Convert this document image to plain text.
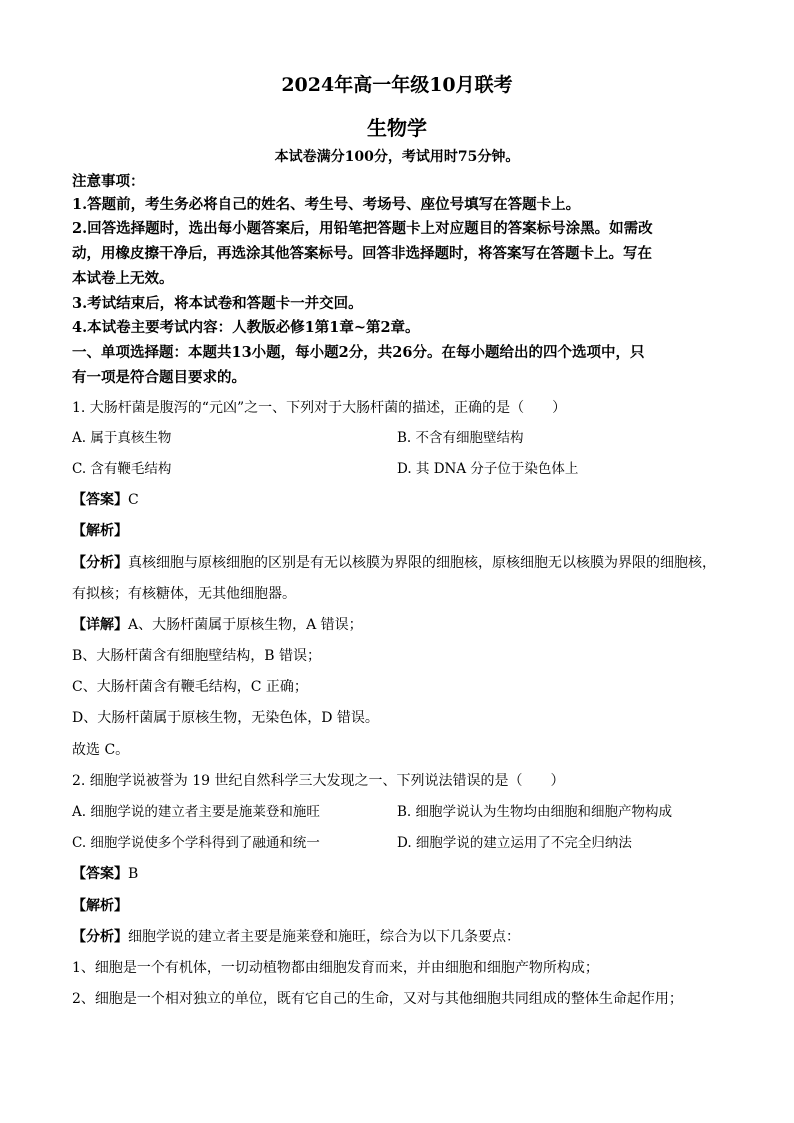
2024年高一年级10月联考
生物学
本试卷满分100分，考试用时75分钟。
注意事项：
1.答题前，考生务必将自己的姓名、考生号、考场号、座位号填写在答题卡上。
2.回答选择题时，选出每小题答案后，用铅笔把答题卡上对应题目的答案标号涂黑。如需改
动，用橡皮擦干净后，再选涂其他答案标号。回答非选择题时，将答案写在答题卡上。写在
本试卷上无效。
3.考试结束后，将本试卷和答题卡一并交回。
4.本试卷主要考试内容：人教版必修1第1章~第2章。
一、单项选择题：本题共13小题，每小题2分，共26分。在每小题给出的四个选项中，只
有一项是符合题目要求的。
1. 大肠杆菌是腹泻的“元凶”之一、下列对于大肠杆菌的描述，正确的是（　　）
A. 属于真核生物	B. 不含有细胞壁结构
C. 含有鞭毛结构	D. 其 DNA 分子位于染色体上
【答案】C
【解析】
【分析】真核细胞与原核细胞的区别是有无以核膜为界限的细胞核，原核细胞无以核膜为界限的细胞核，
有拟核；有核糖体，无其他细胞器。
【详解】A、大肠杆菌属于原核生物，A 错误；
B、大肠杆菌含有细胞壁结构，B 错误；
C、大肠杆菌含有鞭毛结构，C 正确；
D、大肠杆菌属于原核生物，无染色体，D 错误。
故选 C。
2. 细胞学说被誉为 19 世纪自然科学三大发现之一、下列说法错误的是（　　）
A. 细胞学说的建立者主要是施莱登和施旺	B. 细胞学说认为生物均由细胞和细胞产物构成
C. 细胞学说使多个学科得到了融通和统一	D. 细胞学说的建立运用了不完全归纳法
【答案】B
【解析】
【分析】细胞学说的建立者主要是施莱登和施旺，综合为以下几条要点：
1、细胞是一个有机体，一切动植物都由细胞发育而来，并由细胞和细胞产物所构成；
2、细胞是一个相对独立的单位，既有它自己的生命，又对与其他细胞共同组成的整体生命起作用；
